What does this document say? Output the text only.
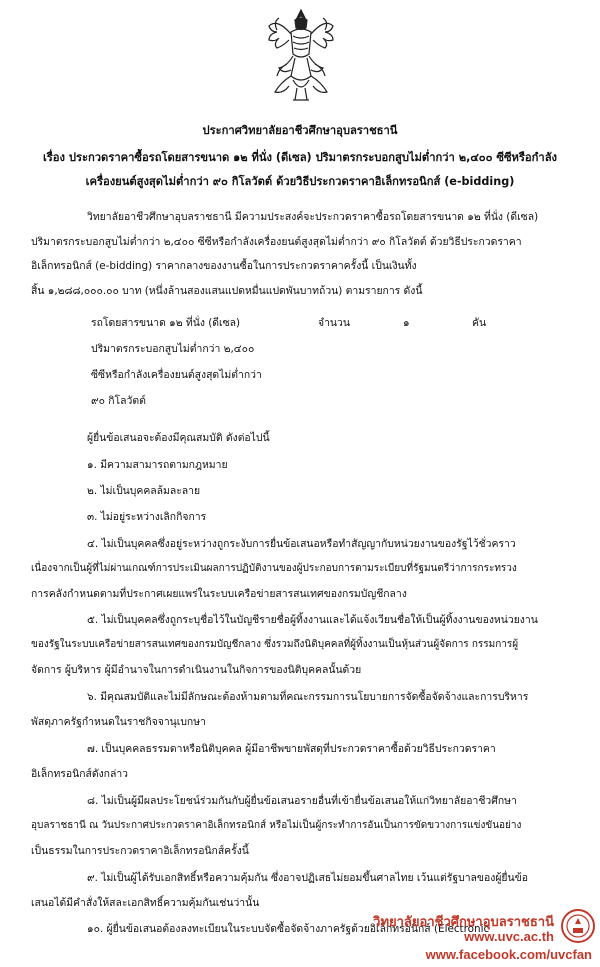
ประกาศวิทยาลัยอาชีวศึกษาอุบลราชธานี
เรื่อง ประกวดราคาซื้อรถโดยสารขนาด ๑๒ ที่นั่ง (ดีเซล) ปริมาตรกระบอกสูบไม่ต่ำกว่า ๒,๔๐๐ ซีซีหรือกำลัง
เครื่องยนต์สูงสุดไม่ต่ำกว่า ๙๐ กิโลวัตต์ ด้วยวิธีประกวดราคาอิเล็กทรอนิกส์ (e-bidding)
วิทยาลัยอาชีวศึกษาอุบลราชธานี มีความประสงค์จะประกวดราคาซื้อรถโดยสารขนาด ๑๒ ที่นั่ง (ดีเซล)
ปริมาตรกระบอกสูบไม่ต่ำกว่า ๒,๔๐๐ ซีซีหรือกำลังเครื่องยนต์สูงสุดไม่ต่ำกว่า ๙๐ กิโลวัตต์ ด้วยวิธีประกวดราคา
อิเล็กทรอนิกส์ (e-bidding) ราคากลางของงานซื้อในการประกวดราคาครั้งนี้ เป็นเงินทั้ง
สิ้น ๑,๒๘๘,๐๐๐.๐๐ บาท (หนึ่งล้านสองแสนแปดหมื่นแปดพันบาทถ้วน) ตามรายการ ดังนี้
รถโดยสารขนาด ๑๒ ที่นั่ง (ดีเซล)	จำนวน	๑	คัน
ปริมาตรกระบอกสูบไม่ต่ำกว่า ๒,๔๐๐
ซีซีหรือกำลังเครื่องยนต์สูงสุดไม่ต่ำกว่า
๙๐ กิโลวัตต์
ผู้ยื่นข้อเสนอจะต้องมีคุณสมบัติ ดังต่อไปนี้
๑. มีความสามารถตามกฎหมาย
๒. ไม่เป็นบุคคลล้มละลาย
๓. ไม่อยู่ระหว่างเลิกกิจการ
๔. ไม่เป็นบุคคลซึ่งอยู่ระหว่างถูกระงับการยื่นข้อเสนอหรือทำสัญญากับหน่วยงานของรัฐไว้ชั่วคราว
เนื่องจากเป็นผู้ที่ไม่ผ่านเกณฑ์การประเมินผลการปฏิบัติงานของผู้ประกอบการตามระเบียบที่รัฐมนตรีว่าการกระทรวง
การคลังกำหนดตามที่ประกาศเผยแพร่ในระบบเครือข่ายสารสนเทศของกรมบัญชีกลาง
๕. ไม่เป็นบุคคลซึ่งถูกระบุชื่อไว้ในบัญชีรายชื่อผู้ทิ้งงานและได้แจ้งเวียนชื่อให้เป็นผู้ทิ้งงานของหน่วยงาน
ของรัฐในระบบเครือข่ายสารสนเทศของกรมบัญชีกลาง ซึ่งรวมถึงนิติบุคคลที่ผู้ทิ้งงานเป็นหุ้นส่วนผู้จัดการ กรรมการผู้
จัดการ ผู้บริหาร ผู้มีอำนาจในการดำเนินงานในกิจการของนิติบุคคลนั้นด้วย
๖. มีคุณสมบัติและไม่มีลักษณะต้องห้ามตามที่คณะกรรมการนโยบายการจัดซื้อจัดจ้างและการบริหาร
พัสดุภาครัฐกำหนดในราชกิจจานุเบกษา
๗. เป็นบุคคลธรรมดาหรือนิติบุคคล ผู้มีอาชีพขายพัสดุที่ประกวดราคาซื้อด้วยวิธีประกวดราคา
อิเล็กทรอนิกส์ดังกล่าว
๘. ไม่เป็นผู้มีผลประโยชน์ร่วมกันกับผู้ยื่นข้อเสนอรายอื่นที่เข้ายื่นข้อเสนอให้แก่วิทยาลัยอาชีวศึกษา
อุบลราชธานี ณ วันประกาศประกวดราคาอิเล็กทรอนิกส์ หรือไม่เป็นผู้กระทำการอันเป็นการขัดขวางการแข่งขันอย่าง
เป็นธรรมในการประกวดราคาอิเล็กทรอนิกส์ครั้งนี้
๙. ไม่เป็นผู้ได้รับเอกสิทธิ์หรือความคุ้มกัน ซึ่งอาจปฏิเสธไม่ยอมขึ้นศาลไทย เว้นแต่รัฐบาลของผู้ยื่นข้อ
เสนอได้มีคำสั่งให้สละเอกสิทธิ์ความคุ้มกันเช่นว่านั้น
๑๐. ผู้ยื่นข้อเสนอต้องลงทะเบียนในระบบจัดซื้อจัดจ้างภาครัฐด้วยอิเล็กทรอนิกส์ (Electronic
วิทยาลัยอาชีวศึกษาอุบลราชธานี
www.uvc.ac.th
www.facebook.com/uvcfan
